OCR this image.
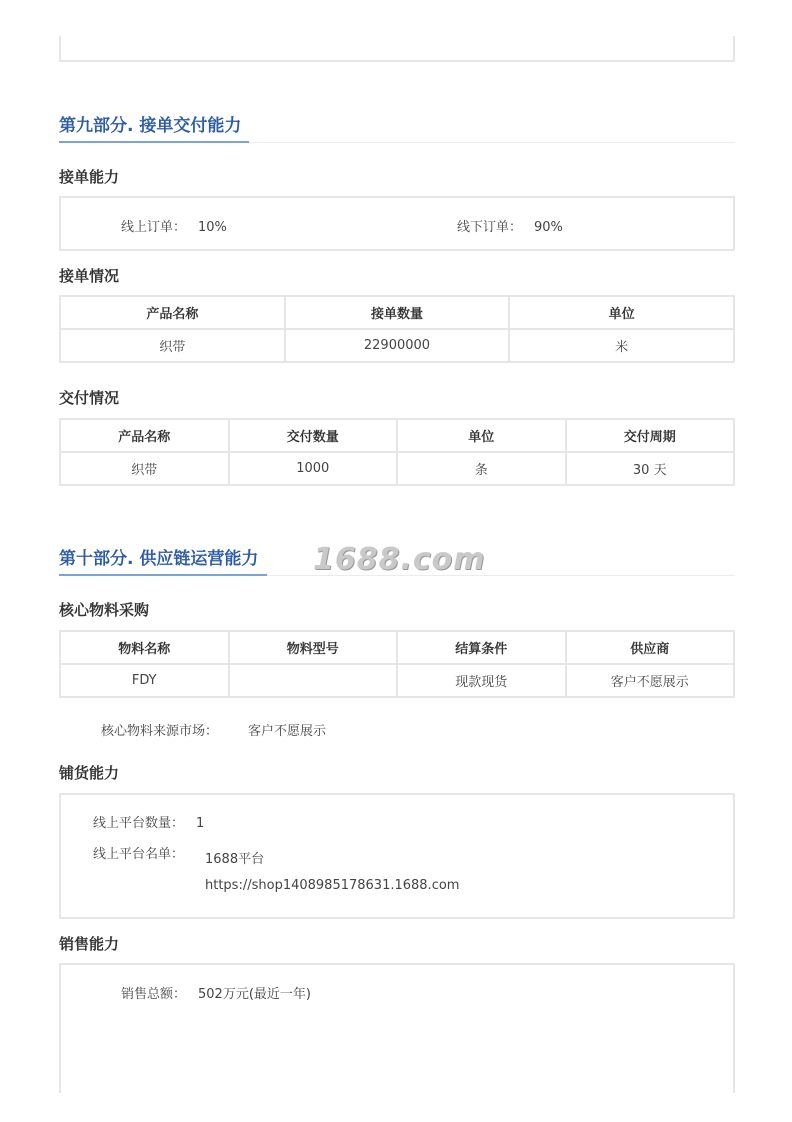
第九部分. 接单交付能力
接单能力
线上订单： 10%	线下订单： 90%
接单情况
产品名称	接单数量	单位
织带	22900000	米
交付情况
产品名称	交付数量	单位	交付周期
织带	1000	条	30 天
第十部分. 供应链运营能力 1688.com
核心物料采购
物料名称	物料型号	结算条件	供应商
FDY		现款现货	客户不愿展示
核心物料来源市场： 客户不愿展示
铺货能力
线上平台数量： 1
线上平台名单： 1688平台
https://shop1408985178631.1688.com
销售能力
销售总额： 502万元(最近一年)
